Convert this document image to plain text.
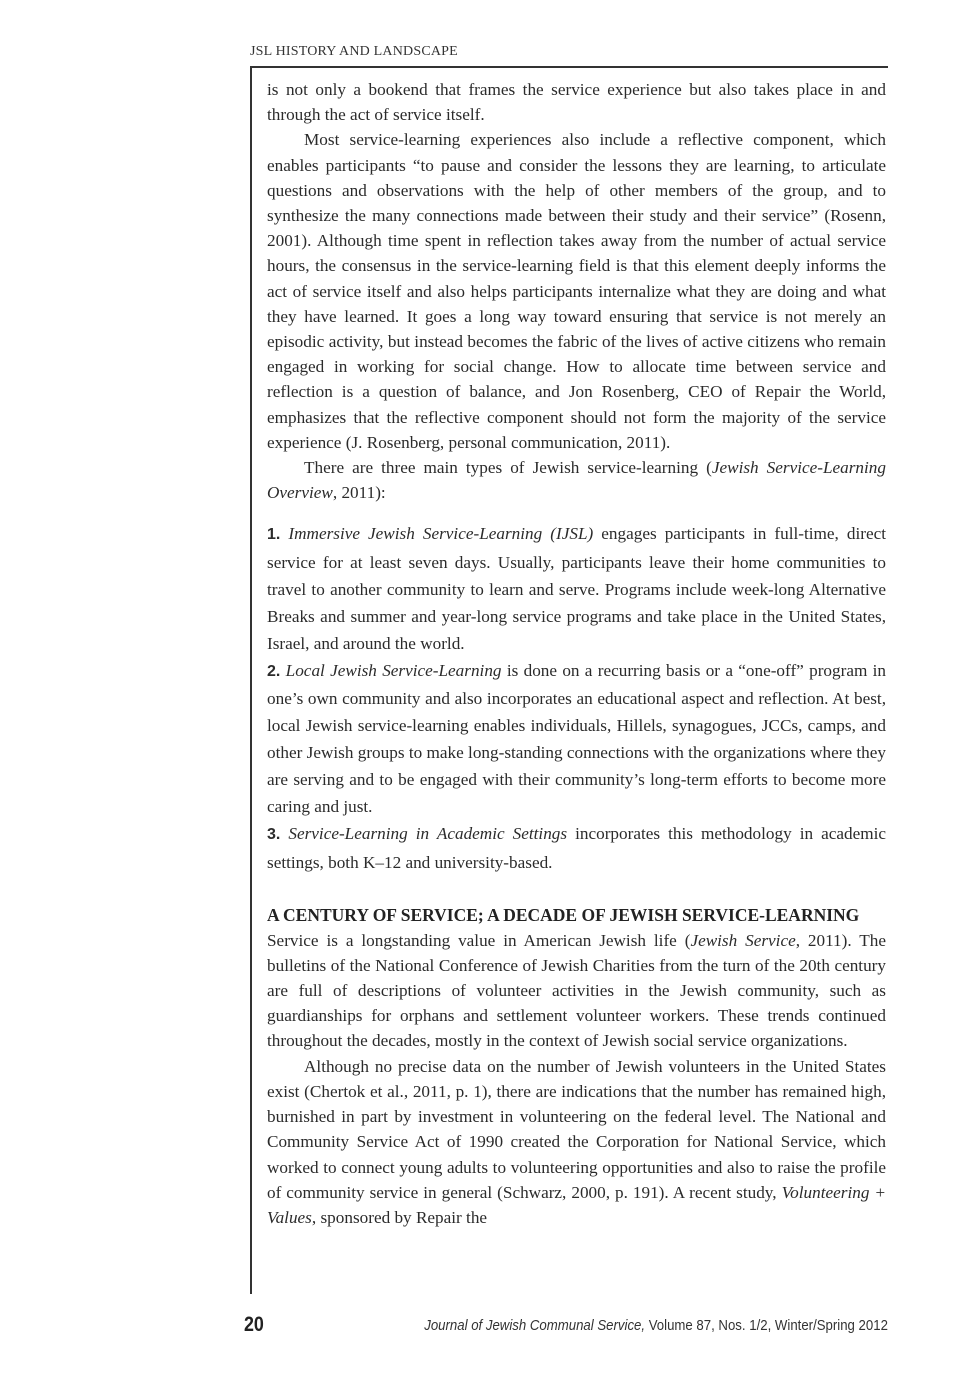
JSL HISTORY AND LANDSCAPE

is not only a bookend that frames the service experience but also takes place in and through the act of service itself.

Most service-learning experiences also include a reflective component, which enables participants “to pause and consider the lessons they are learning, to articulate questions and observations with the help of other members of the group, and to synthesize the many connections made between their study and their service” (Rosenn, 2001). Although time spent in reflection takes away from the number of actual service hours, the consensus in the service-learning field is that this element deeply informs the act of service itself and also helps participants internalize what they are doing and what they have learned. It goes a long way toward ensuring that service is not merely an episodic activity, but instead becomes the fabric of the lives of active citizens who remain engaged in working for social change. How to allocate time between service and reflection is a question of balance, and Jon Rosenberg, CEO of Repair the World, emphasizes that the reflective component should not form the majority of the service experience (J. Rosenberg, personal communication, 2011).

There are three main types of Jewish service-learning (Jewish Service-Learning Overview, 2011):

1. Immersive Jewish Service-Learning (IJSL) engages participants in full-time, direct service for at least seven days. Usually, participants leave their home communities to travel to another community to learn and serve. Programs include week-long Alternative Breaks and summer and year-long service programs and take place in the United States, Israel, and around the world.

2. Local Jewish Service-Learning is done on a recurring basis or a “one-off” program in one’s own community and also incorporates an educational aspect and reflection. At best, local Jewish service-learning enables individuals, Hillels, synagogues, JCCs, camps, and other Jewish groups to make long-standing connections with the organizations where they are serving and to be engaged with their community’s long-term efforts to become more caring and just.

3. Service-Learning in Academic Settings incorporates this methodology in academic settings, both K–12 and university-based.

A CENTURY OF SERVICE; A DECADE OF JEWISH SERVICE-LEARNING

Service is a longstanding value in American Jewish life (Jewish Service, 2011). The bulletins of the National Conference of Jewish Charities from the turn of the 20th century are full of descriptions of volunteer activities in the Jewish community, such as guardianships for orphans and settlement volunteer workers. These trends continued throughout the decades, mostly in the context of Jewish social service organizations.

Although no precise data on the number of Jewish volunteers in the United States exist (Chertok et al., 2011, p. 1), there are indications that the number has remained high, burnished in part by investment in volunteering on the federal level. The National and Community Service Act of 1990 created the Corporation for National Service, which worked to connect young adults to volunteering opportunities and also to raise the profile of community service in general (Schwarz, 2000, p. 191). A recent study, Volunteering + Values, sponsored by Repair the

20	Journal of Jewish Communal Service, Volume 87, Nos. 1/2, Winter/Spring 2012
